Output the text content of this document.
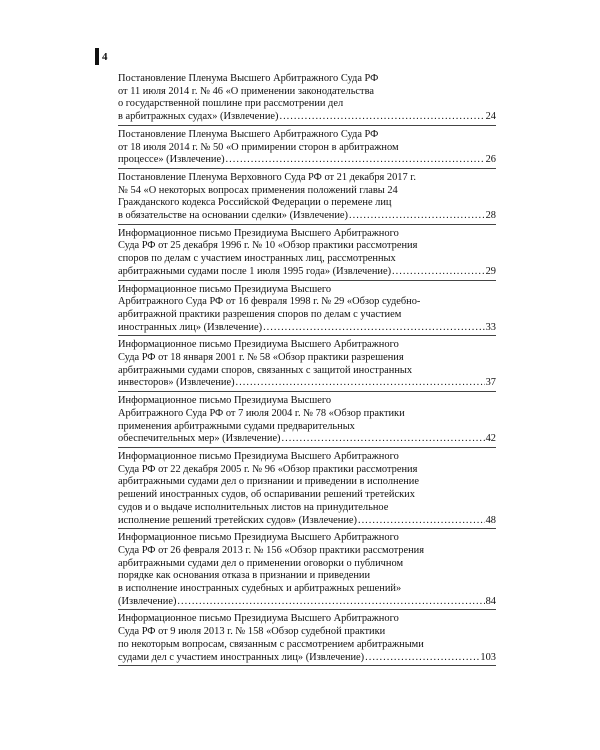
4
Постановление Пленума Высшего Арбитражного Суда РФ
от 11 июля 2014 г. № 46 «О применении законодательства
о государственной пошлине при рассмотрении дел
в арбитражных судах» (Извлечение) .....	24
Постановление Пленума Высшего Арбитражного Суда РФ
от 18 июля 2014 г. № 50 «О примирении сторон в арбитражном
процессе» (Извлечение) .....	26
Постановление Пленума Верховного Суда РФ от 21 декабря 2017 г.
№ 54 «О некоторых вопросах применения положений главы 24
Гражданского кодекса Российской Федерации о перемене лиц
в обязательстве на основании сделки» (Извлечение) .....	28
Информационное письмо Президиума Высшего Арбитражного
Суда РФ от 25 декабря 1996 г. № 10 «Обзор практики рассмотрения
споров по делам с участием иностранных лиц, рассмотренных
арбитражными судами после 1 июля 1995 года» (Извлечение) .....	29
Информационное письмо Президиума Высшего
Арбитражного Суда РФ от 16 февраля 1998 г. № 29 «Обзор судебно-
арбитражной практики разрешения споров по делам с участием
иностранных лиц» (Извлечение) .....	33
Информационное письмо Президиума Высшего Арбитражного
Суда РФ от 18 января 2001 г. № 58 «Обзор практики разрешения
арбитражными судами споров, связанных с защитой иностранных
инвесторов» (Извлечение) .....	37
Информационное письмо Президиума Высшего
Арбитражного Суда РФ от 7 июля 2004 г. № 78 «Обзор практики
применения арбитражными судами предварительных
обеспечительных мер» (Извлечение) .....	42
Информационное письмо Президиума Высшего Арбитражного
Суда РФ от 22 декабря 2005 г. № 96 «Обзор практики рассмотрения
арбитражными судами дел о признании и приведении в исполнение
решений иностранных судов, об оспаривании решений третейских
судов и о выдаче исполнительных листов на принудительное
исполнение решений третейских судов» (Извлечение) .....	48
Информационное письмо Президиума Высшего Арбитражного
Суда РФ от 26 февраля 2013 г. № 156 «Обзор практики рассмотрения
арбитражными судами дел о применении оговорки о публичном
порядке как основания отказа в признании и приведении
в исполнение иностранных судебных и арбитражных решений»
(Извлечение) .....	84
Информационное письмо Президиума Высшего Арбитражного
Суда РФ от 9 июля 2013 г. № 158 «Обзор судебной практики
по некоторым вопросам, связанным с рассмотрением арбитражными
судами дел с участием иностранных лиц» (Извлечение) .....	103
